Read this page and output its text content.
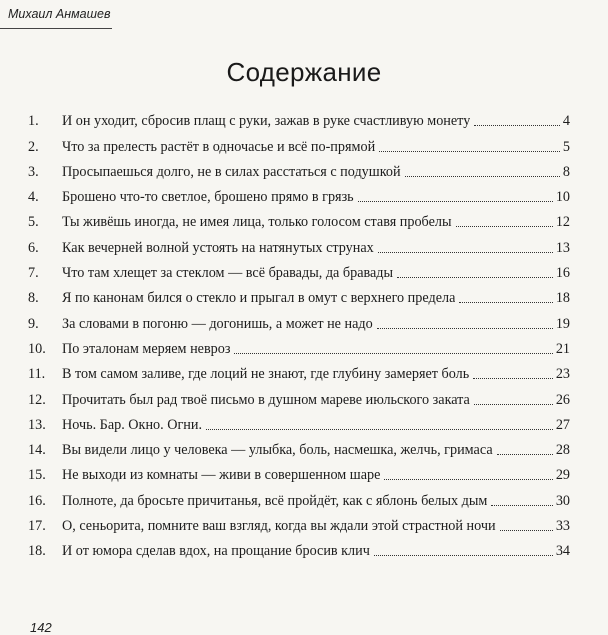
Михаил Анмашев
Содержание
1.	И он уходит, сбросив плащ с руки, зажав в руке счастливую монету	4
2.	Что за прелесть растёт в одночасье и всё по-прямой	5
3.	Просыпаешься долго, не в силах расстаться с подушкой	8
4.	Брошено что-то светлое, брошено прямо в грязь	10
5.	Ты живёшь иногда, не имея лица, только голосом ставя пробелы	12
6.	Как вечерней волной устоять на натянутых струнах	13
7.	Что там хлещет за стеклом — всё бравады, да бравады	16
8.	Я по канонам бился о стекло и прыгал в омут с верхнего предела	18
9.	За словами в погоню — догонишь, а может не надо	19
10.	По эталонам меряем невроз	21
11.	В том самом заливе, где лоций не знают, где глубину замеряет боль	23
12.	Прочитать был рад твоё письмо в душном мареве июльского заката	26
13.	Ночь. Бар. Окно. Огни.	27
14.	Вы видели лицо у человека — улыбка, боль, насмешка, желчь, гримаса	28
15.	Не выходи из комнаты — живи в совершенном шаре	29
16.	Полноте, да бросьте причитанья, всё пройдёт, как с яблонь белых дым	30
17.	О, сеньорита, помните ваш взгляд, когда вы ждали этой страстной ночи	33
18.	И от юмора сделав вдох, на прощание бросив клич	34
142
